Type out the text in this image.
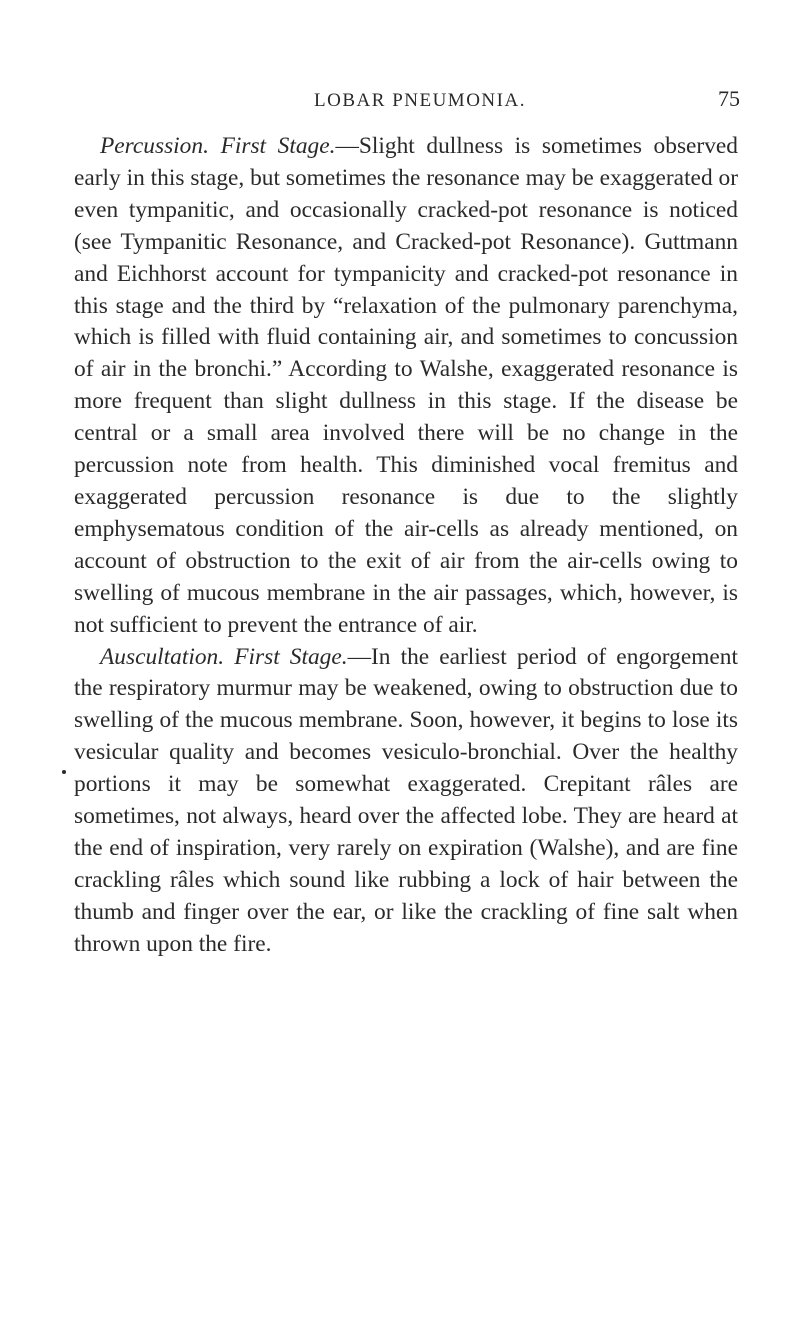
LOBAR PNEUMONIA.	75

Percussion. First Stage.—Slight dullness is sometimes observed early in this stage, but sometimes the resonance may be exaggerated or even tympanitic, and occasionally cracked-pot resonance is noticed (see Tympanitic Resonance, and Cracked-pot Resonance). Guttmann and Eichhorst account for tympanicity and cracked-pot resonance in this stage and the third by “relaxation of the pulmonary parenchyma, which is filled with fluid containing air, and sometimes to concussion of air in the bronchi.” According to Walshe, exaggerated resonance is more frequent than slight dullness in this stage. If the disease be central or a small area involved there will be no change in the percussion note from health. This diminished vocal fremitus and exaggerated percussion resonance is due to the slightly emphysematous condition of the air-cells as already mentioned, on account of obstruction to the exit of air from the air-cells owing to swelling of mucous membrane in the air passages, which, however, is not sufficient to prevent the entrance of air.

Auscultation. First Stage.—In the earliest period of engorgement the respiratory murmur may be weakened, owing to obstruction due to swelling of the mucous membrane. Soon, however, it begins to lose its vesicular quality and becomes vesiculo-bronchial. Over the healthy portions it may be somewhat exaggerated. Crepitant râles are sometimes, not always, heard over the affected lobe. They are heard at the end of inspiration, very rarely on expiration (Walshe), and are fine crackling râles which sound like rubbing a lock of hair between the thumb and finger over the ear, or like the crackling of fine salt when thrown upon the fire.
